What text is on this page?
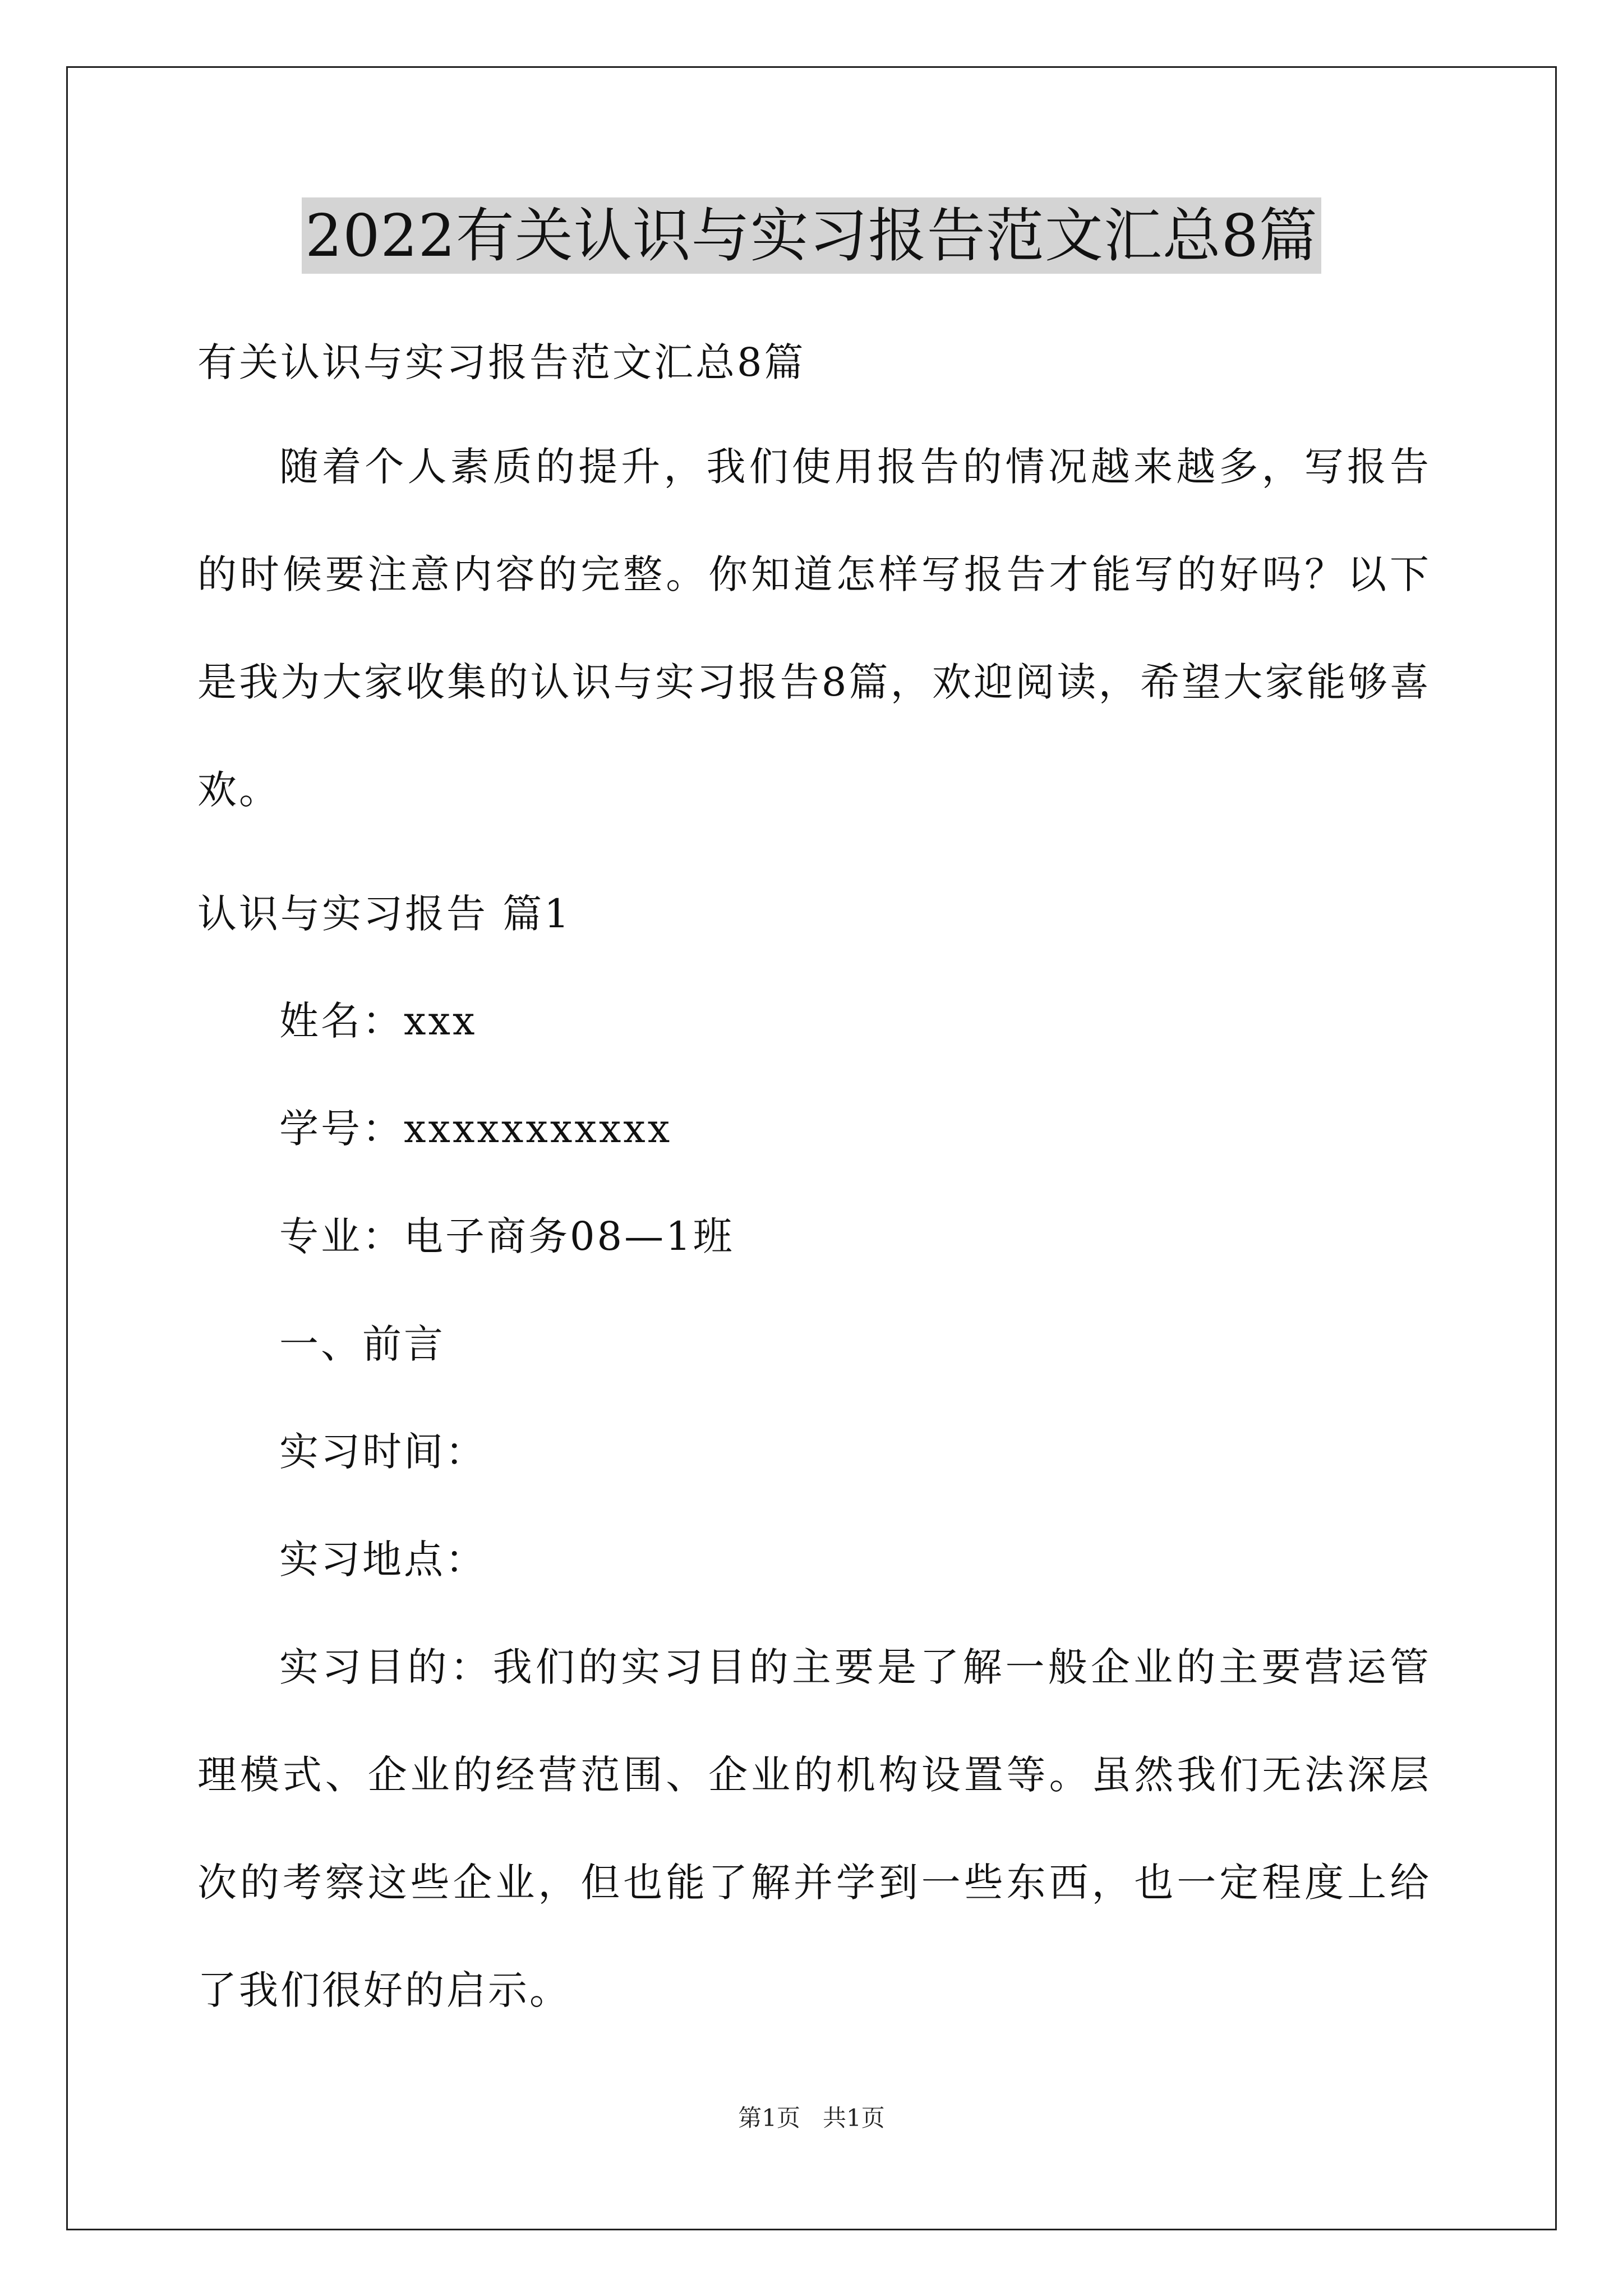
2022有关认识与实习报告范文汇总8篇

有关认识与实习报告范文汇总8篇

随着个人素质的提升，我们使用报告的情况越来越多，写报告的时候要注意内容的完整。你知道怎样写报告才能写的好吗？以下是我为大家收集的认识与实习报告8篇，欢迎阅读，希望大家能够喜欢。

认识与实习报告 篇1

姓名：xxx

学号：xxxxxxxxxxx

专业：电子商务08—1班

一、前言

实习时间：

实习地点：

实习目的：我们的实习目的主要是了解一般企业的主要营运管理模式、企业的经营范围、企业的机构设置等。虽然我们无法深层次的考察这些企业，但也能了解并学到一些东西，也一定程度上给了我们很好的启示。

第1页   共1页
